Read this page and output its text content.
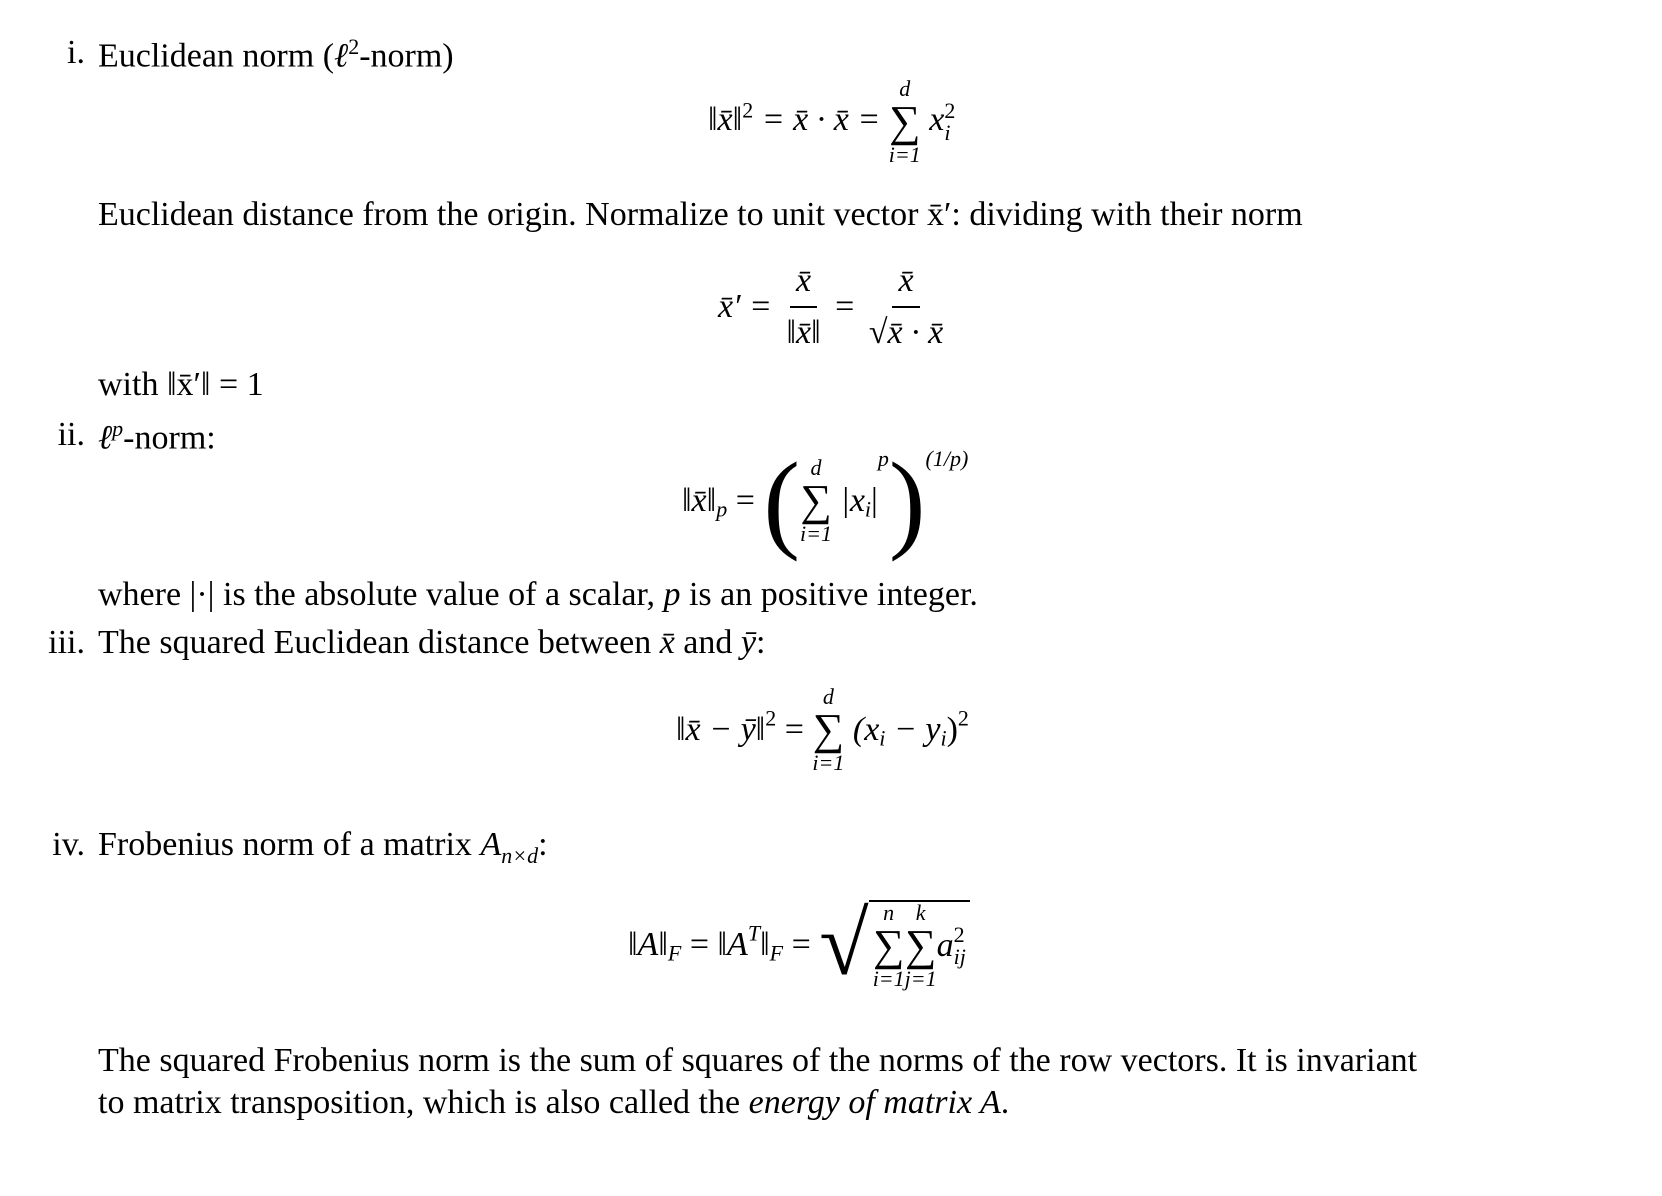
i. Euclidean norm (ℓ$^2$-norm)
‖x̄‖$^2$ = x̄ · x̄ =
d
∑
i=1
x 2
i
Euclidean distance from the origin. Normalize to unit vector x̄′: dividing with their norm
x̄′ = $\frac{x̄}{‖x̄‖} = \frac{x̄}{√x̄ \cdot x̄}$
with ‖x̄′‖ = 1
ii. ℓ$^p$-norm:
$‖x̄‖_p$ = ( d
∑
i=1
$|x_i|^p)^{(1/p)}$
where |·| is the absolute value of a scalar, p is an positive integer.
iii. The squared Euclidean distance between x̄ and ȳ:
‖x̄ − ȳ‖$^2$ =
d
∑
i=1
$(x_i - y_i)^2$
iv. Frobenius norm of a matrix $A_{n\times d}$:
$‖A‖_F$ = $‖A^T‖_F$ = √ n
∑
i=1
k
∑
j=1
a 2
ij
The squared Frobenius norm is the sum of squares of the norms of the row vectors. It is invariant
to matrix transposition, which is also called the energy of matrix A.
